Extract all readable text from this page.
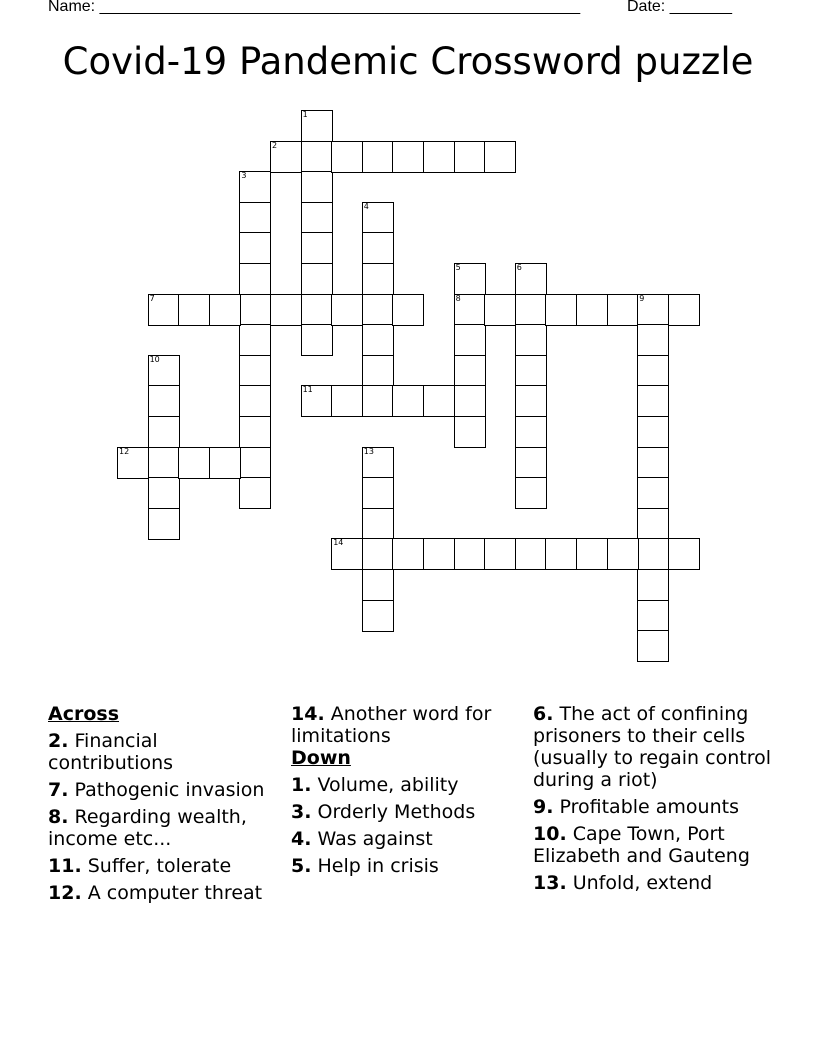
Name: ______________________________________________________	Date: _______
Covid-19 Pandemic Crossword puzzle
1
2
3
4
5
8
6
7	9
10
11
12	13
14
Across
2. Financial contributions
7. Pathogenic invasion
8. Regarding wealth, income etc...
11. Suffer, tolerate
12. A computer threat
14. Another word for limitations
Down
1. Volume, ability
3. Orderly Methods
4. Was against
5. Help in crisis
6. The act of confining prisoners to their cells (usually to regain control during a riot)
9. Profitable amounts
10. Cape Town, Port Elizabeth and Gauteng
13. Unfold, extend
